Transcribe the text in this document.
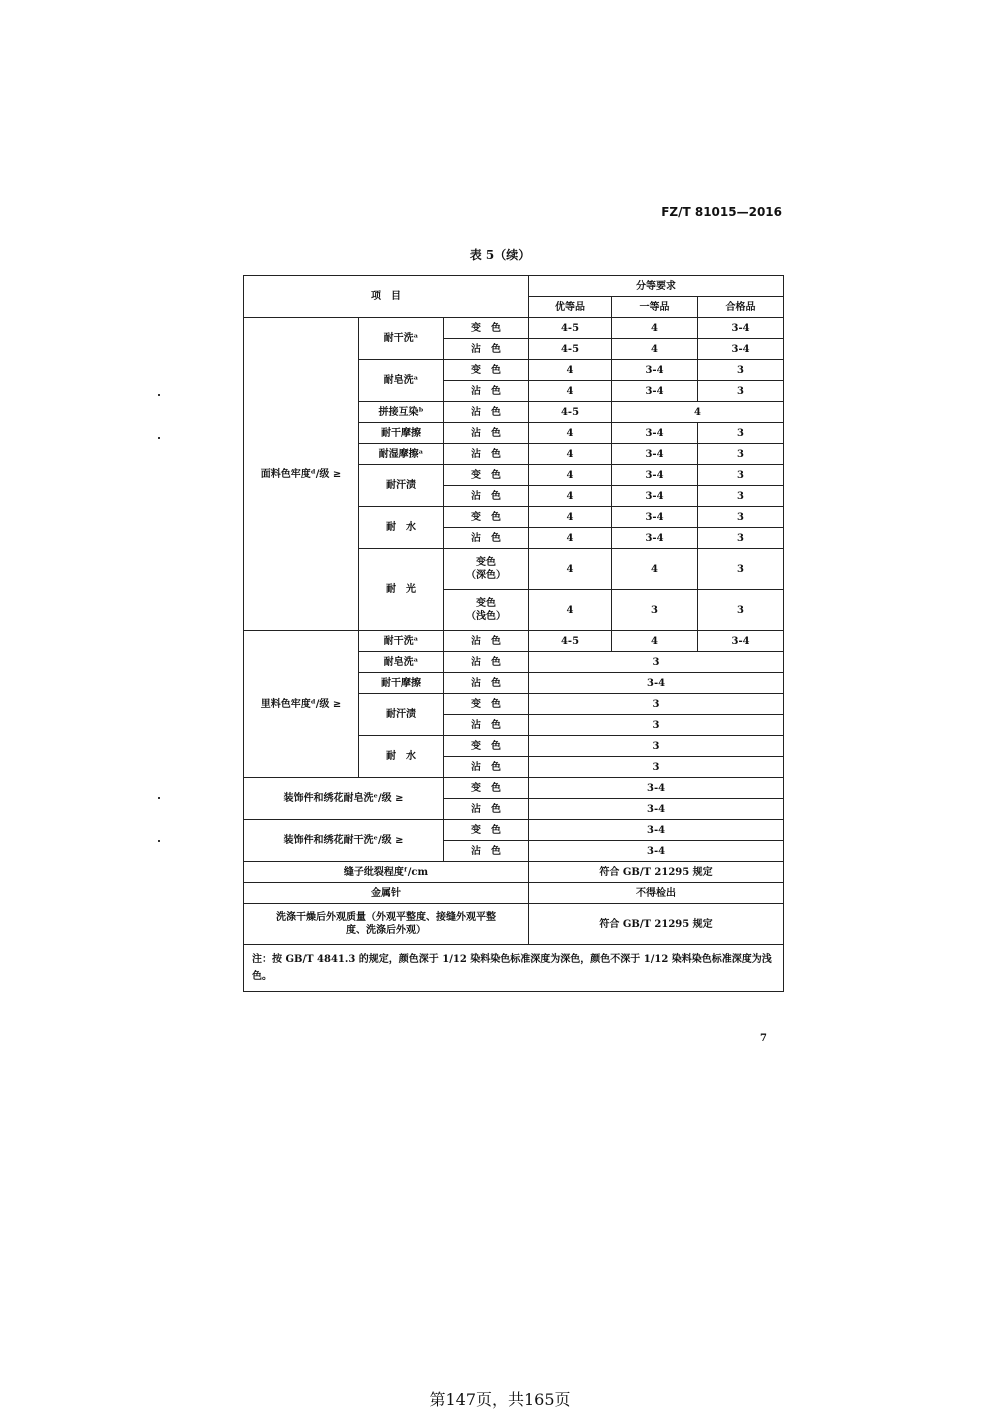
FZ/T 81015—2016
表 5（续）
项　目			分等要求		
			优等品	一等品	合格品
面料色牢度ᵈ/级 ≥	耐干洗ᵃ	变　色	4-5	4	3-4
		沾　色	4-5	4	3-4
	耐皂洗ᵃ	变　色	4	3-4	3
		沾　色	4	3-4	3
	拼接互染ᵇ	沾　色	4-5	4	
	耐干摩擦	沾　色	4	3-4	3
	耐湿摩擦ᵃ	沾　色	4	3-4	3
	耐汗渍	变　色	4	3-4	3
		沾　色	4	3-4	3
	耐　水	变　色	4	3-4	3
		沾　色	4	3-4	3
	耐　光	变色
（深色）	4	4	3

		变色
（浅色）	4	3	3

里料色牢度ᵈ/级 ≥	耐干洗ᵃ	沾　色	4-5	4	3-4
	耐皂洗ᵃ	沾　色	3		
	耐干摩擦	沾　色	3-4		
	耐汗渍	变　色	3		
		沾　色	3		
	耐　水	变　色	3		
		沾　色	3		
装饰件和绣花耐皂洗ᵉ/级 ≥		变　色	3-4		
		沾　色	3-4		
装饰件和绣花耐干洗ᵉ/级 ≥		变　色	3-4		
		沾　色	3-4		
缝子纰裂程度ᶠ/cm			符合 GB/T 21295 规定		
金属针			不得检出		
洗涤干燥后外观质量（外观平整度、接缝外观平整度、洗涤后外观）			符合 GB/T 21295 规定		
注：按 GB/T 4841.3 的规定，颜色深于 1/12 染料染色标准深度为深色，颜色不深于 1/12 染料染色标准深度为浅色。					
7
第147页，共165页
